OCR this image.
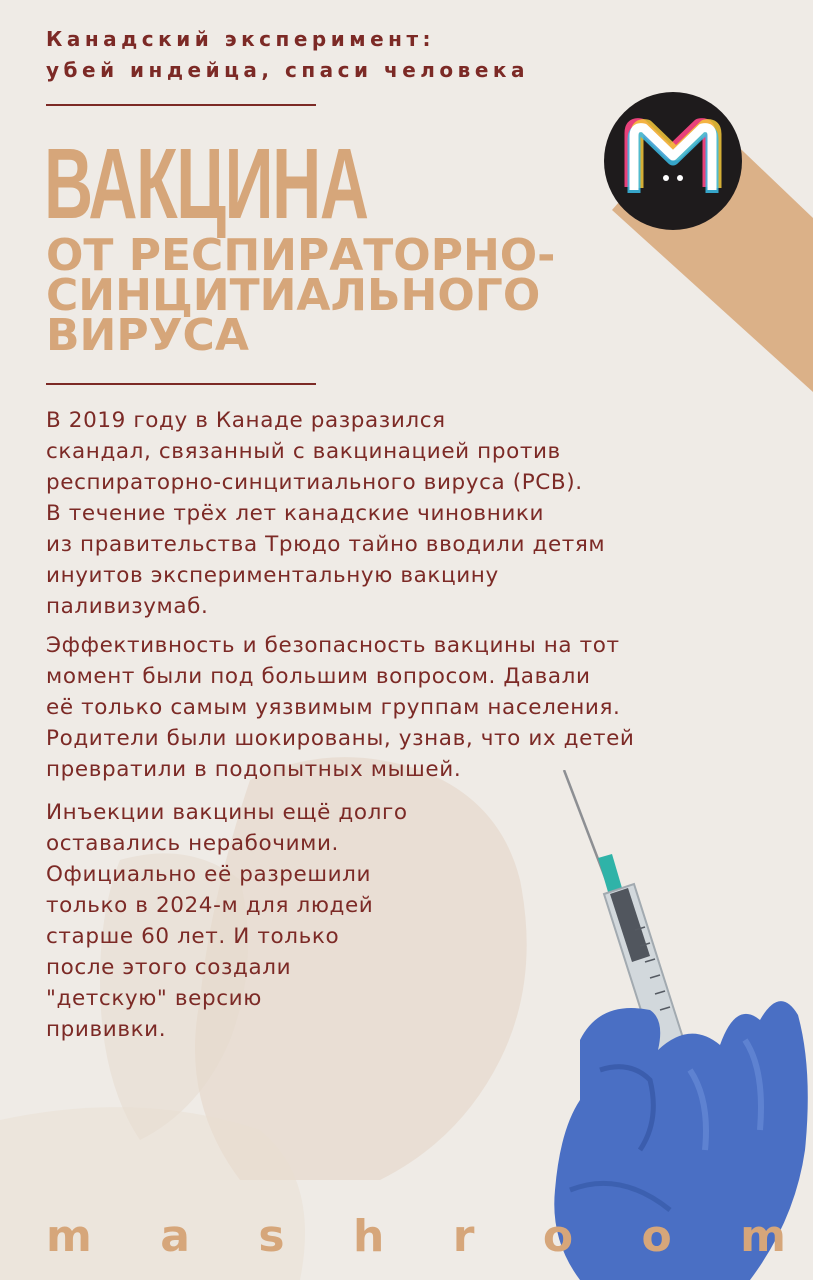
Канадский эксперимент:
убей индейца, спаси человека
ВАКЦИНА
ОТ РЕСПИРАТОРНО-
СИНЦИТИАЛЬНОГО
ВИРУСА
В 2019 году в Канаде разразился
скандал, связанный с вакцинацией против
респираторно-синцитиального вируса (РСВ).
В течение трёх лет канадские чиновники
из правительства Трюдо тайно вводили детям
инуитов экспериментальную вакцину
паливизумаб.
Эффективность и безопасность вакцины на тот
момент были под большим вопросом. Давали
её только самым уязвимым группам населения.
Родители были шокированы, узнав, что их детей
превратили в подопытных мышей.
Инъекции вакцины ещё долго
оставались нерабочими.
Официально её разрешили
только в 2024-м для людей
старше 60 лет. И только
после этого создали
"детскую" версию
прививки.
m a s h r o o m
